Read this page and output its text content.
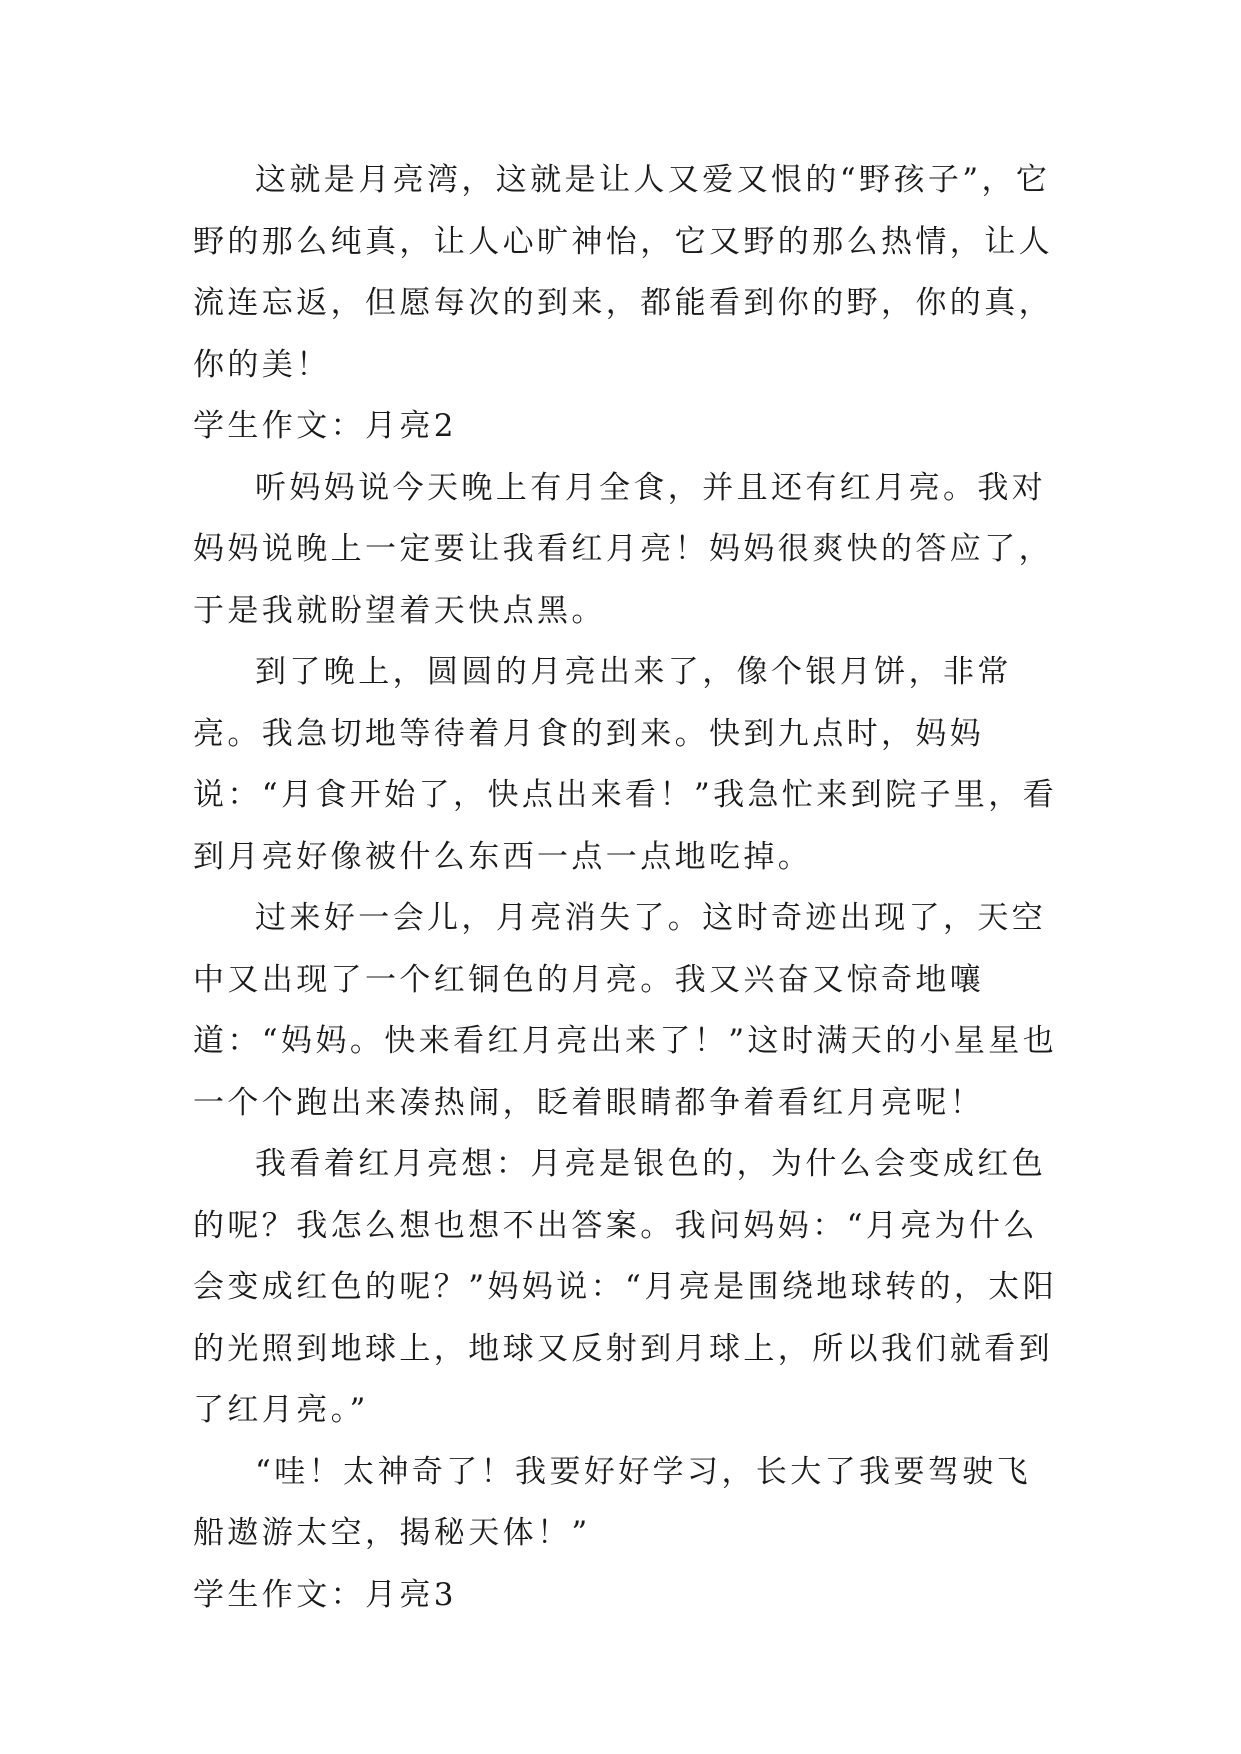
这就是月亮湾，这就是让人又爱又恨的“野孩子”，它野的那么纯真，让人心旷神怡，它又野的那么热情，让人流连忘返，但愿每次的到来，都能看到你的野，你的真，你的美！

学生作文：月亮2

听妈妈说今天晚上有月全食，并且还有红月亮。我对妈妈说晚上一定要让我看红月亮！妈妈很爽快的答应了，于是我就盼望着天快点黑。

到了晚上，圆圆的月亮出来了，像个银月饼，非常亮。我急切地等待着月食的到来。快到九点时，妈妈说：“月食开始了，快点出来看！”我急忙来到院子里，看到月亮好像被什么东西一点一点地吃掉。

过来好一会儿，月亮消失了。这时奇迹出现了，天空中又出现了一个红铜色的月亮。我又兴奋又惊奇地嚷道：“妈妈。快来看红月亮出来了！”这时满天的小星星也一个个跑出来凑热闹，眨着眼睛都争着看红月亮呢！

我看着红月亮想：月亮是银色的，为什么会变成红色的呢？我怎么想也想不出答案。我问妈妈：“月亮为什么会变成红色的呢？”妈妈说：“月亮是围绕地球转的，太阳的光照到地球上，地球又反射到月球上，所以我们就看到了红月亮。”

“哇！太神奇了！我要好好学习，长大了我要驾驶飞船遨游太空，揭秘天体！”

学生作文：月亮3
